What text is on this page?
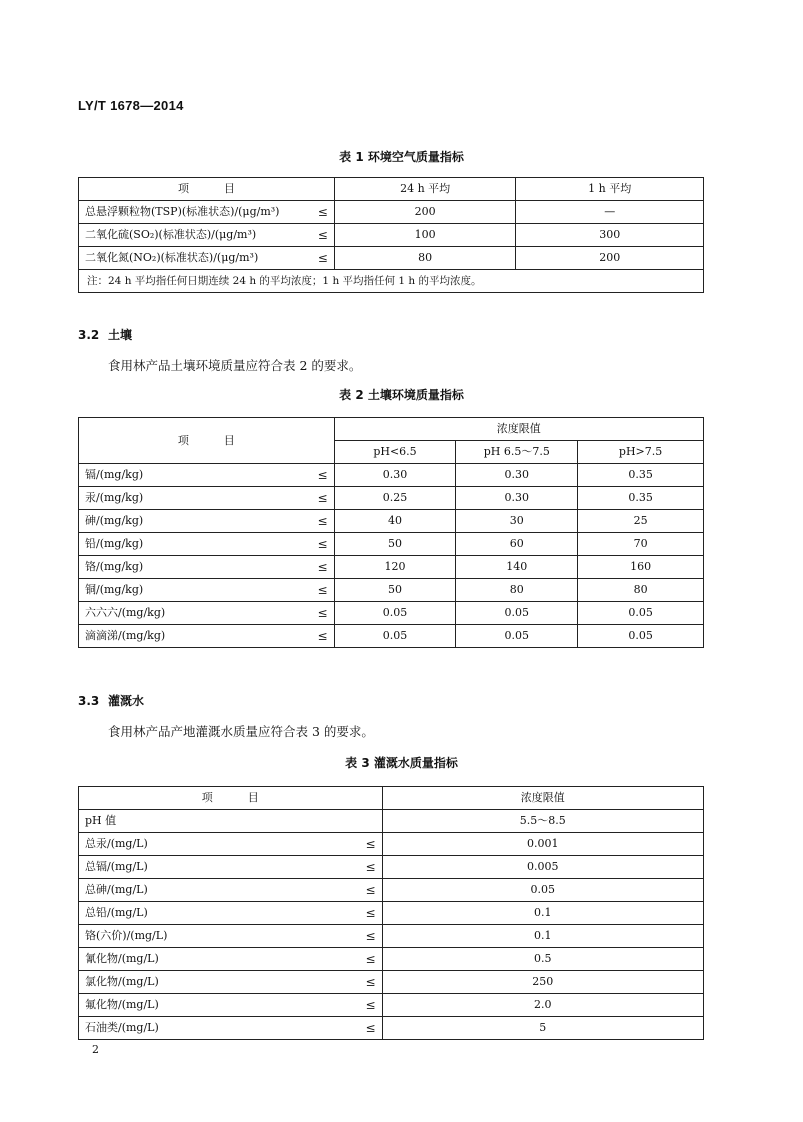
LY/T 1678—2014
表 1 环境空气质量指标
项          目	24 h 平均	1 h 平均
总悬浮颗粒物(TSP)(标准状态)/(μg/m³) ≤	200	—
二氧化硫(SO₂)(标准状态)/(μg/m³) ≤	100	300
二氧化氮(NO₂)(标准状态)/(μg/m³) ≤	80	200
注：24 h 平均指任何日期连续 24 h 的平均浓度；1 h 平均指任何 1 h 的平均浓度。		
3.2 土壤
食用林产品土壤环境质量应符合表 2 的要求。
表 2 土壤环境质量指标
项          目	浓度限值		
	pH<6.5	pH 6.5～7.5	pH>7.5
镉/(mg/kg) ≤	0.30	0.30	0.35
汞/(mg/kg) ≤	0.25	0.30	0.35
砷/(mg/kg) ≤	40	30	25
铅/(mg/kg) ≤	50	60	70
铬/(mg/kg) ≤	120	140	160
铜/(mg/kg) ≤	50	80	80
六六六/(mg/kg) ≤	0.05	0.05	0.05
滴滴涕/(mg/kg) ≤	0.05	0.05	0.05
3.3 灌溉水
食用林产品产地灌溉水质量应符合表 3 的要求。
表 3 灌溉水质量指标
项          目	浓度限值
pH 值	5.5～8.5
总汞/(mg/L) ≤	0.001
总镉/(mg/L) ≤	0.005
总砷/(mg/L) ≤	0.05
总铅/(mg/L) ≤	0.1
铬(六价)/(mg/L) ≤	0.1
氰化物/(mg/L) ≤	0.5
氯化物/(mg/L) ≤	250
氟化物/(mg/L) ≤	2.0
石油类/(mg/L) ≤	5
2
